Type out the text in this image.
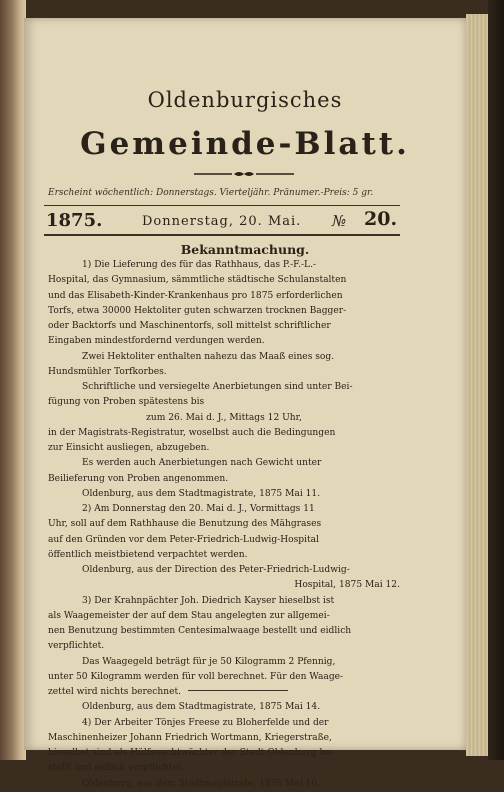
Oldenburgisches
Gemeinde-Blatt.
Erscheint wöchentlich: Donnerstags. Vierteljähr. Pränumer.-Preis: 5 gr.
1875.	Donnerstag, 20. Mai. № 20.
Bekanntmachung.
1) Die Lieferung des für das Rathhaus, das P.-F.-L.-
Hospital, das Gymnasium, sämmtliche städtische Schulanstalten
und das Elisabeth-Kinder-Krankenhaus pro 1875 erforderlichen
Torfs, etwa 30000 Hektoliter guten schwarzen trocknen Bagger-
oder Backtorfs und Maschinentorfs, soll mittelst schriftlicher
Eingaben mindestfordernd verdungen werden.
Zwei Hektoliter enthalten nahezu das Maaß eines sog.
Hundsmühler Torfkorbes.
Schriftliche und versiegelte Anerbietungen sind unter Bei-
fügung von Proben spätestens bis
zum 26. Mai d. J., Mittags 12 Uhr,
in der Magistrats-Registratur, woselbst auch die Bedingungen
zur Einsicht ausliegen, abzugeben.
Es werden auch Anerbietungen nach Gewicht unter
Beilieferung von Proben angenommen.
Oldenburg, aus dem Stadtmagistrate, 1875 Mai 11.
2) Am Donnerstag den 20. Mai d. J., Vormittags 11
Uhr, soll auf dem Rathhause die Benutzung des Mähgrases
auf den Gründen vor dem Peter-Friedrich-Ludwig-Hospital
öffentlich meistbietend verpachtet werden.
Oldenburg, aus der Direction des Peter-Friedrich-Ludwig-
Hospital, 1875 Mai 12.
3) Der Krahnpächter Joh. Diedrich Kayser hieselbst ist
als Waagemeister der auf dem Stau angelegten zur allgemei-
nen Benutzung bestimmten Centesimalwaage bestellt und eidlich
verpflichtet.
Das Waagegeld beträgt für je 50 Kilogramm 2 Pfennig,
unter 50 Kilogramm werden für voll berechnet. Für den Waage-
zettel wird nichts berechnet.
Oldenburg, aus dem Stadtmagistrate, 1875 Mai 14.
4) Der Arbeiter Tönjes Freese zu Bloherfelde und der
Maschinenheizer Johann Friedrich Wortmann, Kriegerstraße,
hieselbst sind als Hülfsnachtwächter der Stadt Oldenburg be-
stellt und eidlich verpflichtet.
Oldenburg, aus dem Stadtmagistrate, 1875 Mai 10.
